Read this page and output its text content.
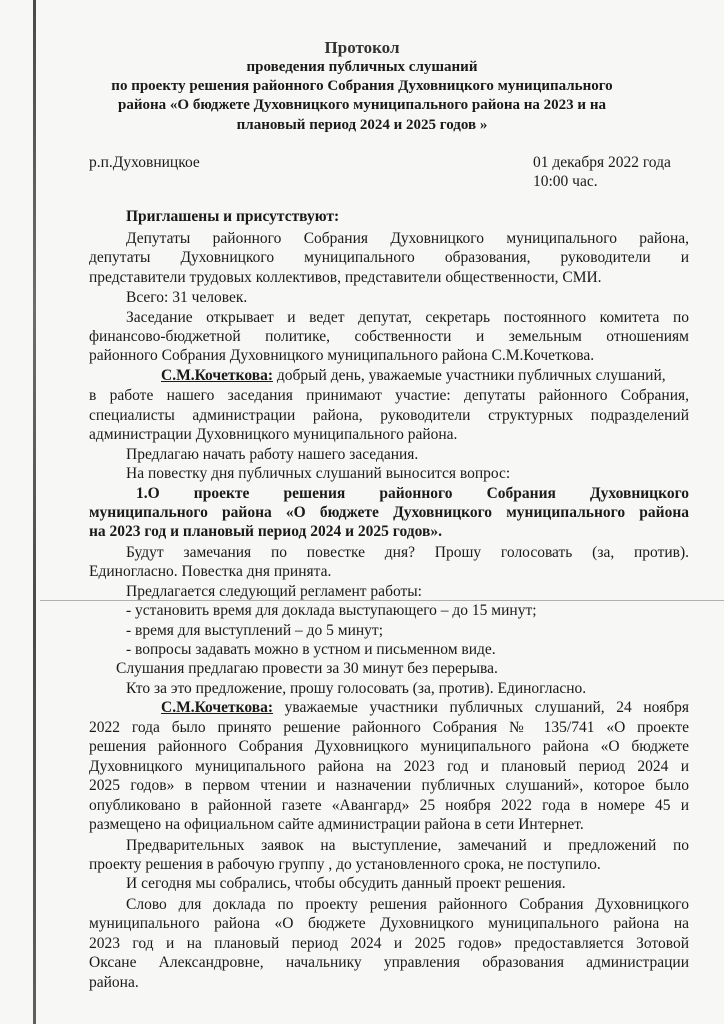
Протокол
проведения публичных слушаний
по проекту решения районного Собрания Духовницкого муниципального
района «О бюджете Духовницкого муниципального района на 2023 и на
плановый период 2024 и 2025 годов »
р.п.Духовницкое	01 декабря 2022 года
10:00 час.
Приглашены и присутствуют:
Депутаты районного Собрания Духовницкого муниципального района,
депутаты Духовницкого муниципального образования, руководители и
представители трудовых коллективов, представители общественности, СМИ.
Всего: 31 человек.
Заседание открывает и ведет депутат, секретарь постоянного комитета по
финансово-бюджетной политике, собственности и земельным отношениям
районного Собрания Духовницкого муниципального района С.М.Кочеткова.
С.М.Кочеткова: добрый день, уважаемые участники публичных слушаний,
в работе нашего заседания принимают участие: депутаты районного Собрания,
специалисты администрации района, руководители структурных подразделений
администрации Духовницкого муниципального района.
Предлагаю начать работу нашего заседания.
На повестку дня публичных слушаний выносится вопрос:
1.О проекте решения районного Собрания Духовницкого
муниципального района «О бюджете Духовницкого муниципального района
на 2023 год и плановый период 2024 и 2025 годов».
Будут замечания по повестке дня? Прошу голосовать (за, против).
Единогласно. Повестка дня принята.
Предлагается следующий регламент работы:
- установить время для доклада выступающего – до 15 минут;
- время для выступлений – до 5 минут;
- вопросы задавать можно в устном и письменном виде.
Слушания предлагаю провести за 30 минут без перерыва.
Кто за это предложение, прошу голосовать (за, против). Единогласно.
С.М.Кочеткова: уважаемые участники публичных слушаний, 24 ноября
2022 года было принято решение районного Собрания № 135/741 «О проекте
решения районного Собрания Духовницкого муниципального района «О бюджете
Духовницкого муниципального района на 2023 год и плановый период 2024 и
2025 годов» в первом чтении и назначении публичных слушаний», которое было
опубликовано в районной газете «Авангард» 25 ноября 2022 года в номере 45 и
размещено на официальном сайте администрации района в сети Интернет.
Предварительных заявок на выступление, замечаний и предложений по
проекту решения в рабочую группу , до установленного срока, не поступило.
И сегодня мы собрались, чтобы обсудить данный проект решения.
Слово для доклада по проекту решения районного Собрания Духовницкого
муниципального района «О бюджете Духовницкого муниципального района на
2023 год и на плановый период 2024 и 2025 годов» предоставляется Зотовой
Оксане Александровне, начальнику управления образования администрации
района.
